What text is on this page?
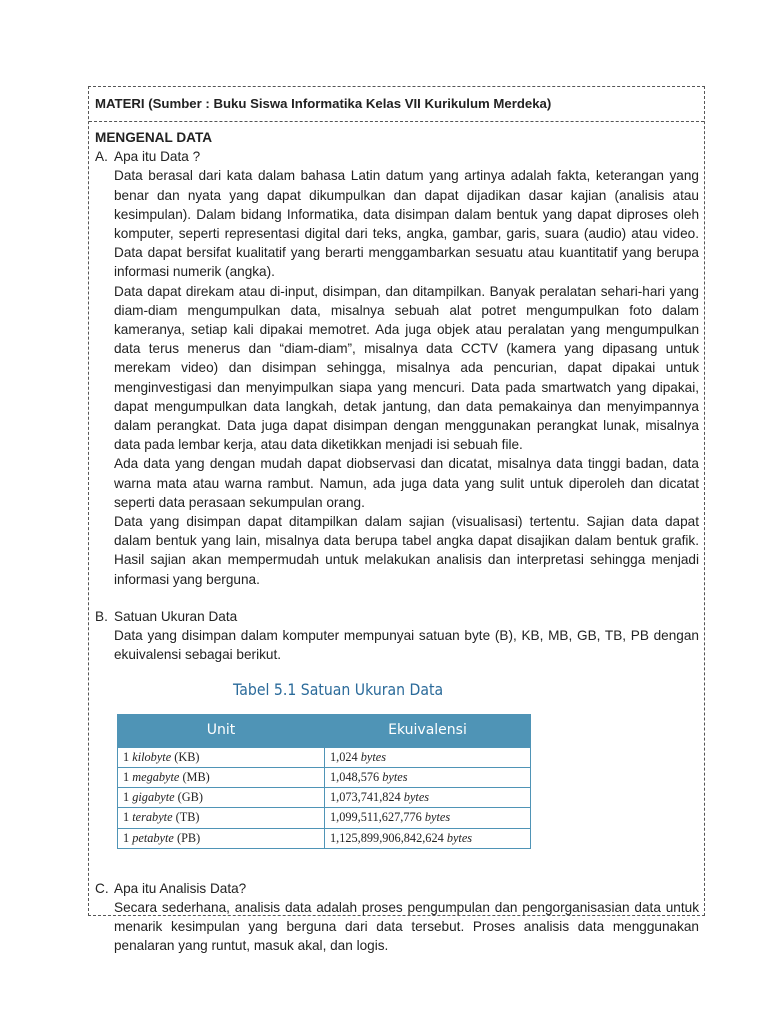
MATERI (Sumber : Buku Siswa Informatika Kelas VII Kurikulum Merdeka)
MENGENAL DATA
A. Apa itu Data ?
Data berasal dari kata dalam bahasa Latin datum yang artinya adalah fakta, keterangan yang benar dan nyata yang dapat dikumpulkan dan dapat dijadikan dasar kajian (analisis atau kesimpulan). Dalam bidang Informatika, data disimpan dalam bentuk yang dapat diproses oleh komputer, seperti representasi digital dari teks, angka, gambar, garis, suara (audio) atau video. Data dapat bersifat kualitatif yang berarti menggambarkan sesuatu atau kuantitatif yang berupa informasi numerik (angka).
Data dapat direkam atau di-input, disimpan, dan ditampilkan. Banyak peralatan sehari-hari yang diam-diam mengumpulkan data, misalnya sebuah alat potret mengumpulkan foto dalam kameranya, setiap kali dipakai memotret. Ada juga objek atau peralatan yang mengumpulkan data terus menerus dan “diam-diam”, misalnya data CCTV (kamera yang dipasang untuk merekam video) dan disimpan sehingga, misalnya ada pencurian, dapat dipakai untuk menginvestigasi dan menyimpulkan siapa yang mencuri. Data pada smartwatch yang dipakai, dapat mengumpulkan data langkah, detak jantung, dan data pemakainya dan menyimpannya dalam perangkat. Data juga dapat disimpan dengan menggunakan perangkat lunak, misalnya data pada lembar kerja, atau data diketikkan menjadi isi sebuah file.
Ada data yang dengan mudah dapat diobservasi dan dicatat, misalnya data tinggi badan, data warna mata atau warna rambut. Namun, ada juga data yang sulit untuk diperoleh dan dicatat seperti data perasaan sekumpulan orang.
Data yang disimpan dapat ditampilkan dalam sajian (visualisasi) tertentu. Sajian data dapat dalam bentuk yang lain, misalnya data berupa tabel angka dapat disajikan dalam bentuk grafik. Hasil sajian akan mempermudah untuk melakukan analisis dan interpretasi sehingga menjadi informasi yang berguna.
B. Satuan Ukuran Data
Data yang disimpan dalam komputer mempunyai satuan byte (B), KB, MB, GB, TB, PB dengan ekuivalensi sebagai berikut.
Tabel 5.1 Satuan Ukuran Data
Unit	Ekuivalensi
1 kilobyte (KB)	1,024 bytes
1 megabyte (MB)	1,048,576 bytes
1 gigabyte (GB)	1,073,741,824 bytes
1 terabyte (TB)	1,099,511,627,776 bytes
1 petabyte (PB)	1,125,899,906,842,624 bytes
C. Apa itu Analisis Data?
Secara sederhana, analisis data adalah proses pengumpulan dan pengorganisasian data untuk menarik kesimpulan yang berguna dari data tersebut. Proses analisis data menggunakan penalaran yang runtut, masuk akal, dan logis.
